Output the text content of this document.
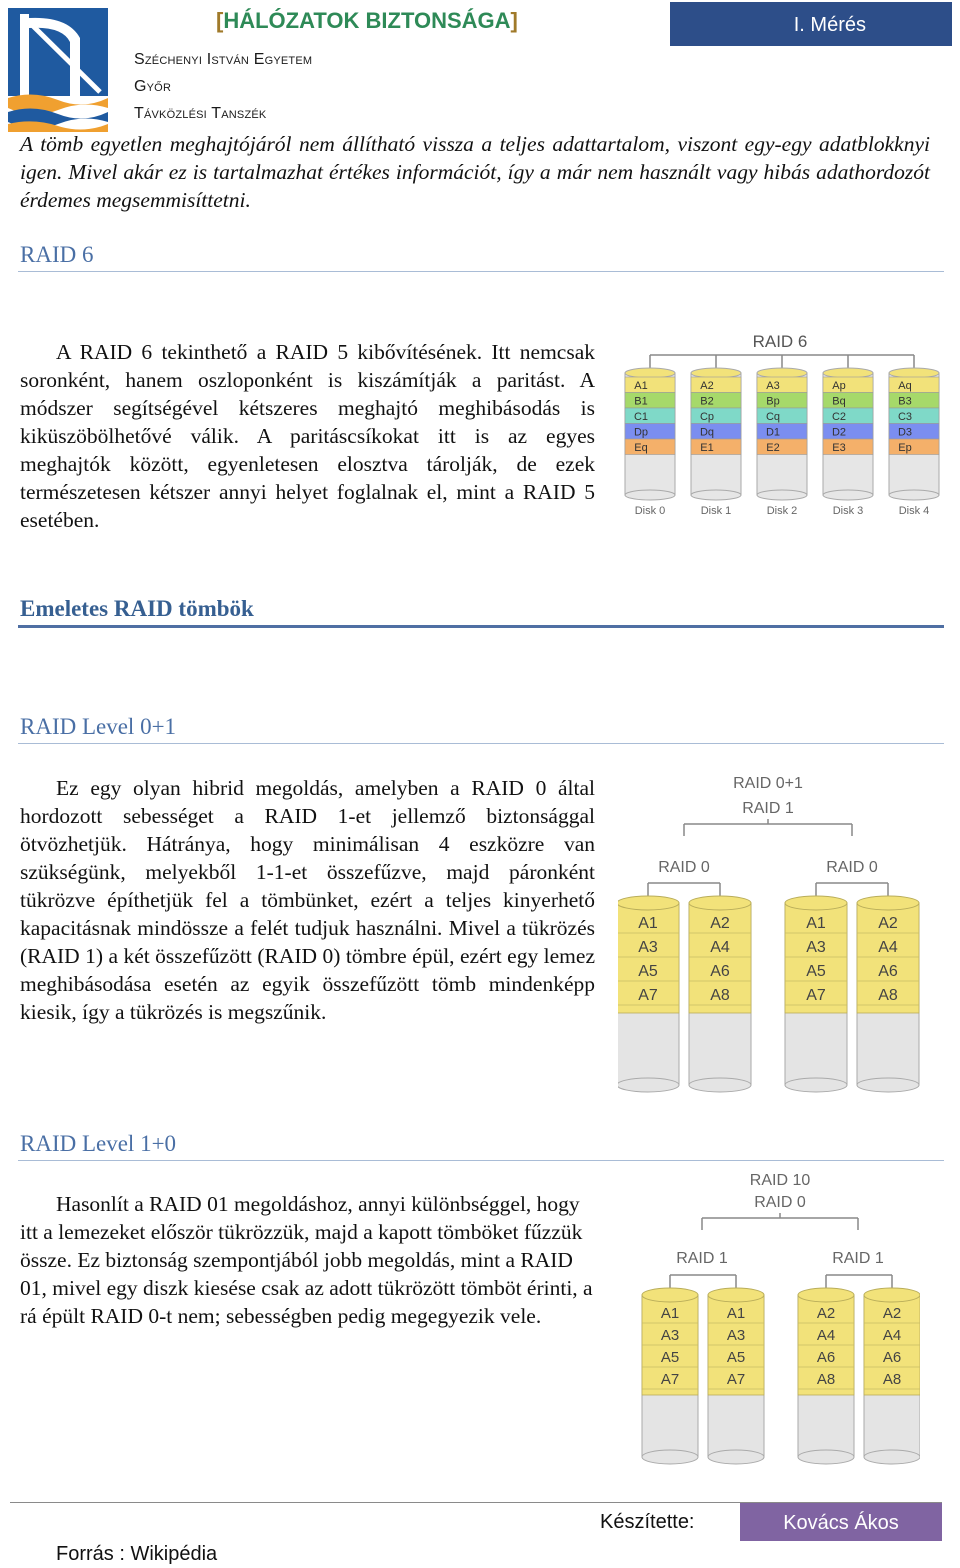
[HÁLÓZATOK BIZTONSÁGA]
Széchenyi István Egyetem
Győr
Távközlési Tanszék
I. Mérés
A tömb egyetlen meghajtójáról nem állítható vissza a teljes adattartalom, viszont egy-egy adatblokknyi igen. Mivel akár ez is tartalmazhat értékes információt, így a már nem használt vagy hibás adathordozót érdemes megsemmisíttetni.
RAID 6
A RAID 6 tekinthető a RAID 5 kibővítésének. Itt nemcsak soronként, hanem oszloponként is kiszámítják a paritást. A módszer segítségével kétszeres meghajtó meghibásodás is kiküszöbölhetővé válik. A paritáscsíkokat itt is az egyes meghajtók között, egyenletesen elosztva tárolják, de ezek természetesen kétszer annyi helyet foglalnak el, mint a RAID 5 esetében.
RAID 6
A1
B1
C1
Dp
Eq
Disk 0
A2
B2
Cp
Dq
E1
Disk 1
A3
Bp
Cq
D1
E2
Disk 2
Ap
Bq
C2
D2
E3
Disk 3
Aq
B3
C3
D3
Ep
Disk 4
Emeletes RAID tömbök
RAID Level 0+1
Ez egy olyan hibrid megoldás, amelyben a RAID 0 által hordozott sebességet a RAID 1-et jellemző biztonsággal ötvözhetjük. Hátránya, hogy minimálisan 4 eszközre van szükségünk, melyekből 1-1-et összefűzve, majd páronként tükrözve építhetjük fel a tömbünket, ezért a teljes kinyerhető kapacitásnak mindössze a felét tudjuk használni. Mivel a tükrözés (RAID 1) a két összefűzött (RAID 0) tömbre épül, ezért egy lemez meghibásodása esetén az egyik összefűzött tömb mindenképp kiesik, így a tükrözés is megszűnik.
RAID 0+1
RAID 1
RAID 0	RAID 0
A1
A3
A5
A7
A2
A4
A6
A8
A1
A3
A5
A7
A2
A4
A6
A8
RAID Level 1+0
Hasonlít a RAID 01 megoldáshoz, annyi különbséggel, hogy itt a lemezeket először tükrözzük, majd a kapott tömböket fűzzük össze. Ez biztonság szempontjából jobb megoldás, mint a RAID 01, mivel egy diszk kiesése csak az adott tükrözött tömböt érinti, a rá épült RAID 0-t nem; sebességben pedig megegyezik vele.
RAID 10
RAID 0
RAID 1	RAID 1
A1
A3
A5
A7
A1
A3
A5
A7
A2
A4
A6
A8
A2
A4
A6
A8
Készítette:	Kovács Ákos
Forrás : Wikipédia
